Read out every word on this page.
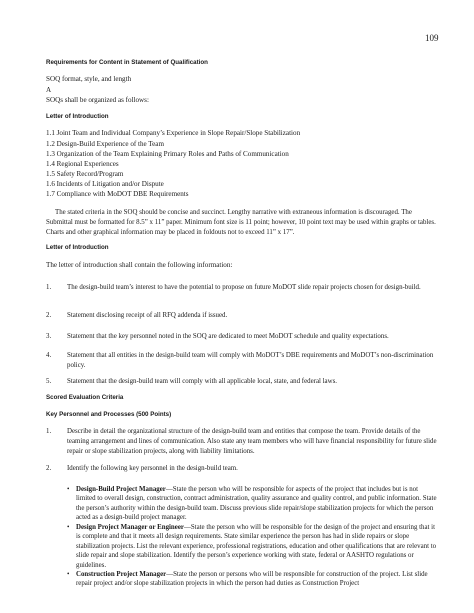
109
Requirements for Content in Statement of Qualification
SOQ format, style, and length
A
SOQs shall be organized as follows:
Letter of Introduction
1.1 Joint Team and Individual Company’s Experience in Slope Repair/Slope Stabilization
1.2 Design-Build Experience of the Team
1.3 Organization of the Team Explaining Primary Roles and Paths of Communication
1.4 Regional Experiences
1.5 Safety Record/Program
1.6 Incidents of Litigation and/or Dispute
1.7 Compliance with MoDOT DBE Requirements
The stated criteria in the SOQ should be concise and succinct. Lengthy narrative with extraneous information is discouraged. The Submittal must be formatted for 8.5” x 11” paper. Minimum font size is 11 point; however, 10 point text may be used within graphs or tables. Charts and other graphical information may be placed in foldouts not to exceed 11” x 17”.
Letter of Introduction
The letter of introduction shall contain the following information:
1. The design-build team’s interest to have the potential to propose on future MoDOT slide repair projects chosen for design-build.
2. Statement disclosing receipt of all RFQ addenda if issued.
3. Statement that the key personnel noted in the SOQ are dedicated to meet MoDOT schedule and quality expectations.
4. Statement that all entities in the design-build team will comply with MoDOT’s DBE requirements and MoDOT’s non-discrimination policy.
5. Statement that the design-build team will comply with all applicable local, state, and federal laws.
Scored Evaluation Criteria
Key Personnel and Processes (500 Points)
1. Describe in detail the organizational structure of the design-build team and entities that compose the team. Provide details of the teaming arrangement and lines of communication. Also state any team members who will have financial responsibility for future slide repair or slope stabilization projects, along with liability limitations.
2. Identify the following key personnel in the design-build team.
• Design-Build Project Manager—State the person who will be responsible for aspects of the project that includes but is not limited to overall design, construction, contract administration, quality assurance and quality control, and public information. State the person’s authority within the design-build team. Discuss previous slide repair/slope stabilization projects for which the person acted as a design-build project manager.
• Design Project Manager or Engineer—State the person who will be responsible for the design of the project and ensuring that it is complete and that it meets all design requirements. State similar experience the person has had in slide repairs or slope stabilization projects. List the relevant experience, professional registrations, education and other qualifications that are relevant to slide repair and slope stabilization. Identify the person’s experience working with state, federal or AASHTO regulations or guidelines.
• Construction Project Manager—State the person or persons who will be responsible for construction of the project. List slide repair project and/or slope stabilization projects in which the person had duties as Construction Project
